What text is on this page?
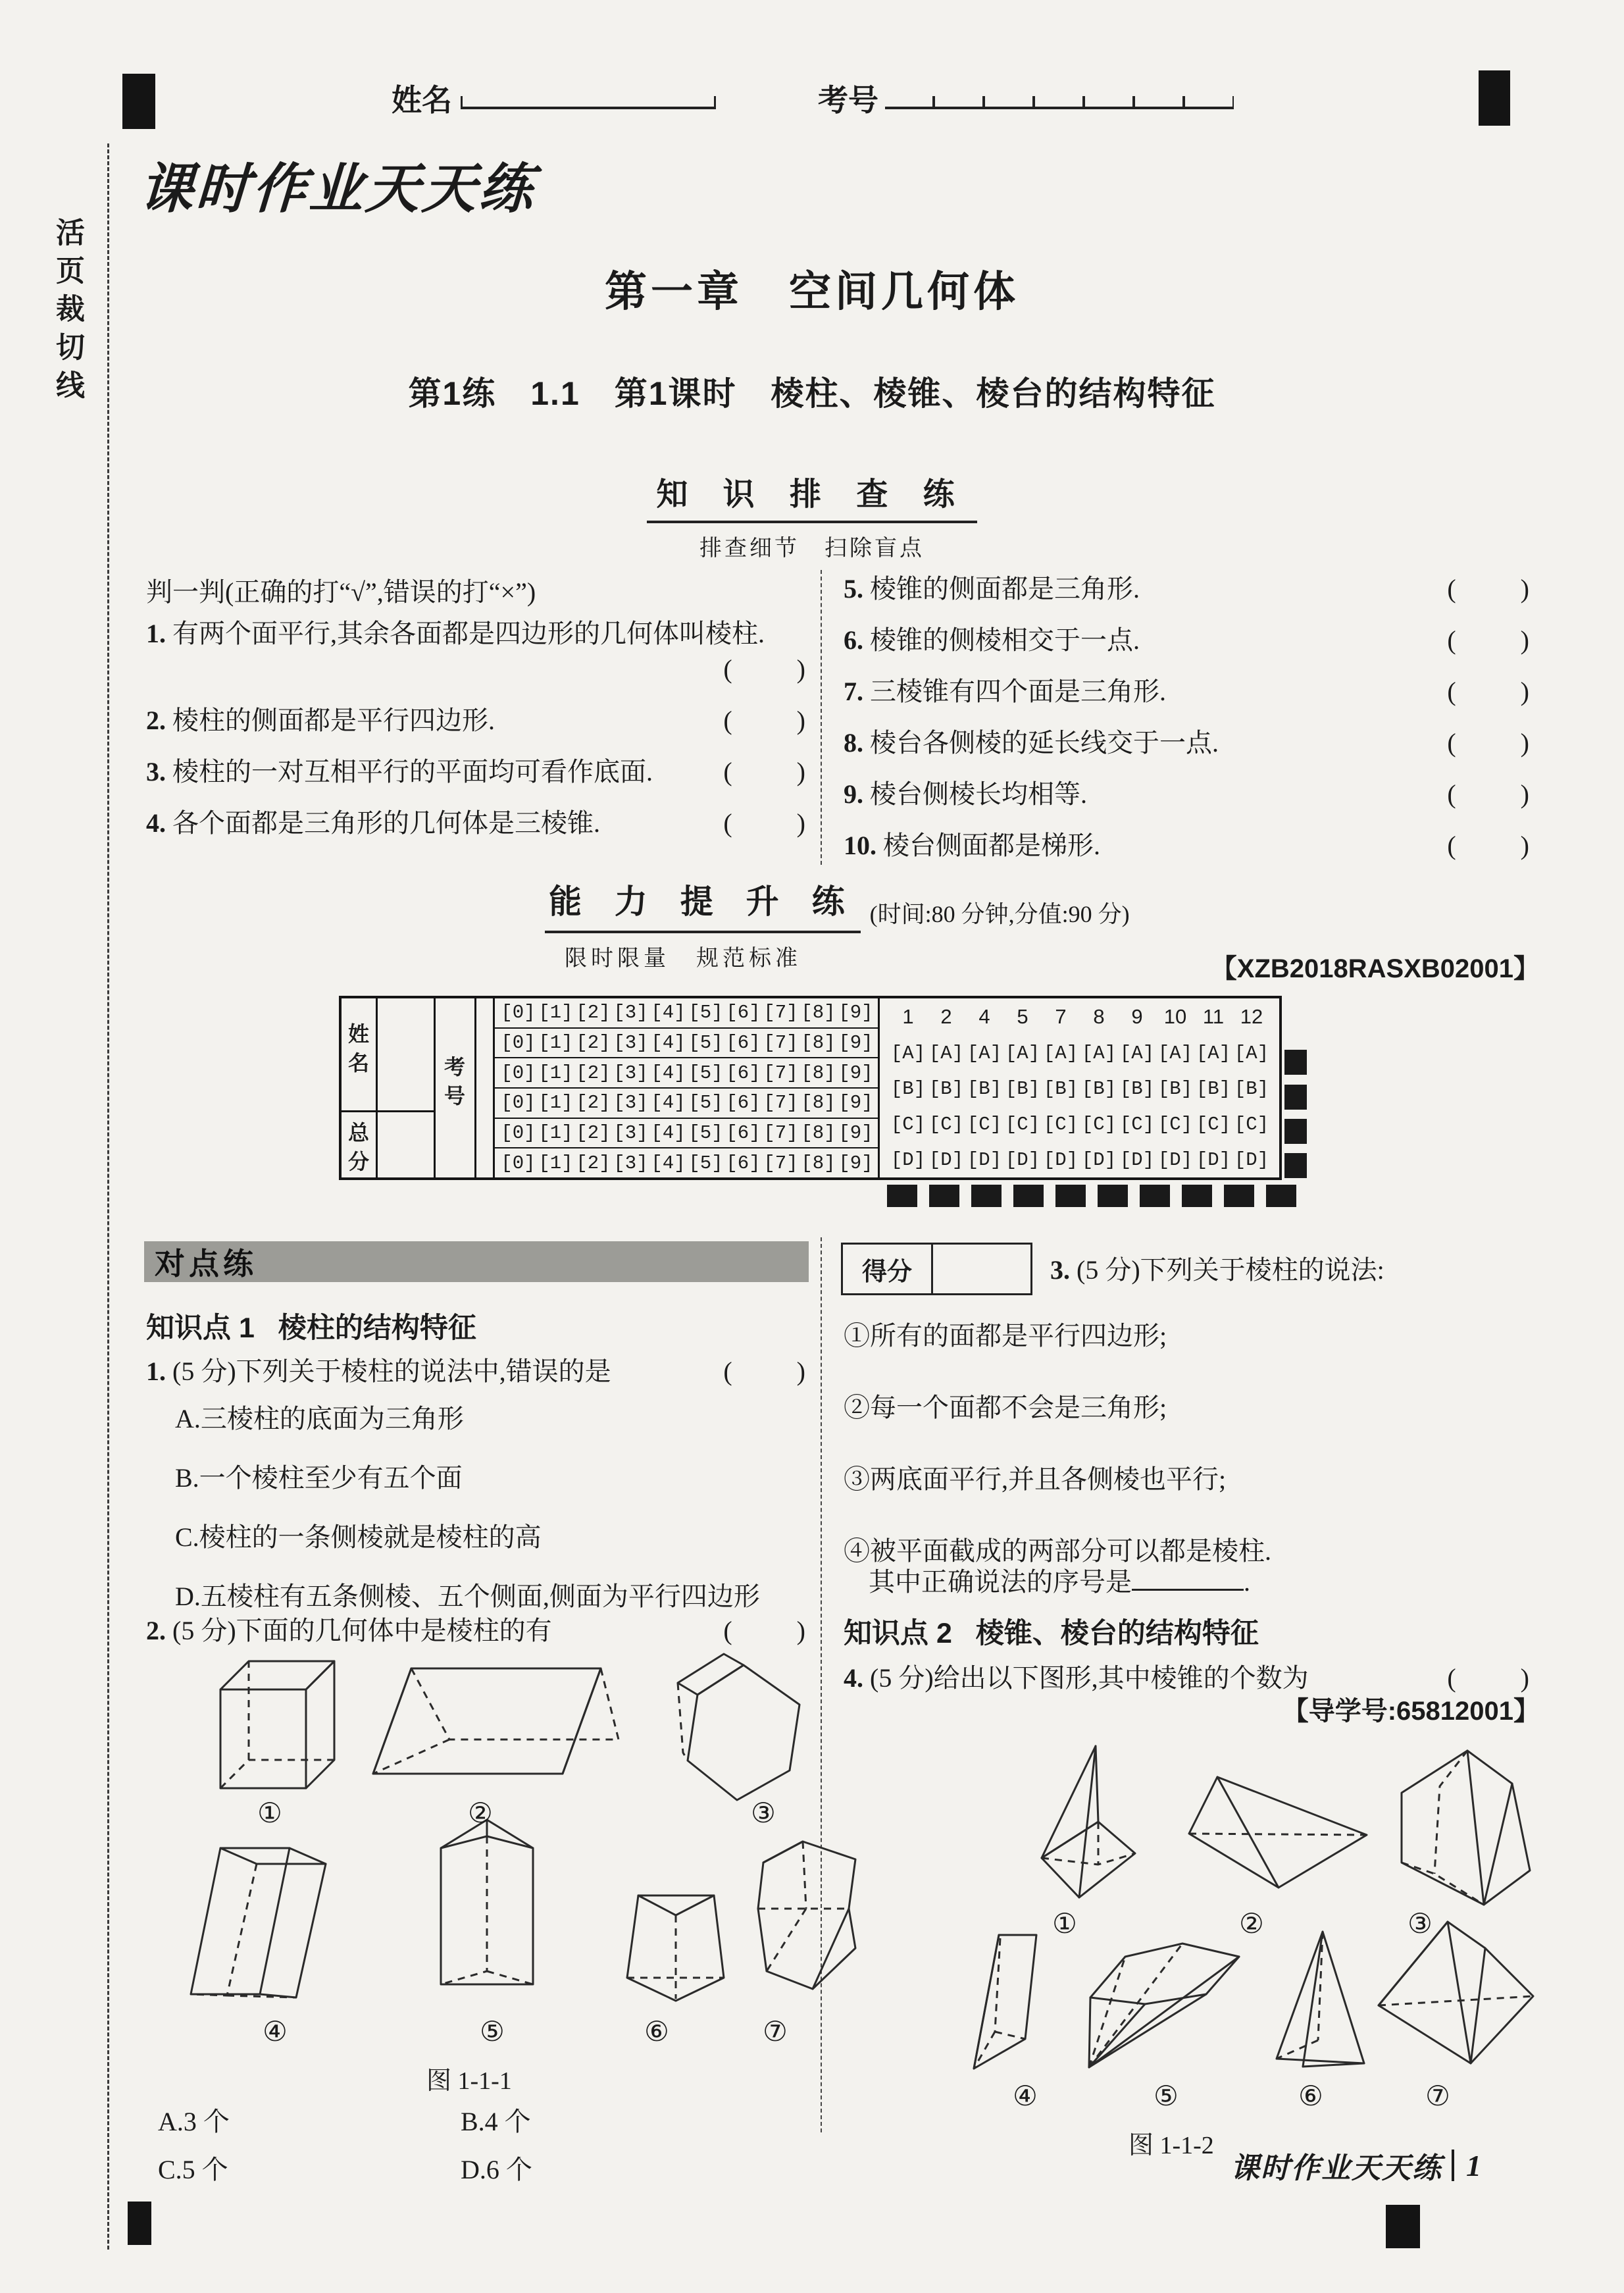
姓名	考号
活页裁切线
课时作业天天练
第一章　空间几何体
第1练　1.1　第1课时　棱柱、棱锥、棱台的结构特征
知 识 排 查 练
排查细节　扫除盲点
判一判(正确的打“√”,错误的打“×”)
1. 有两个面平行,其余各面都是四边形的几何体叫棱柱.
(　　)
2. 棱柱的侧面都是平行四边形.	(　　)
3. 棱柱的一对互相平行的平面均可看作底面.	(　　)
4. 各个面都是三角形的几何体是三棱锥.	(　　)
5. 棱锥的侧面都是三角形.	(　　)
6. 棱锥的侧棱相交于一点.	(　　)
7. 三棱锥有四个面是三角形.	(　　)
8. 棱台各侧棱的延长线交于一点.	(　　)
9. 棱台侧棱长均相等.	(　　)
10. 棱台侧面都是梯形.	(　　)
能 力 提 升 练 (时间:80 分钟,分值:90 分)
限时限量　规范标准	【XZB2018RASXB02001】
姓名
总分
考号
[0] [1] [2] [3] [4] [5] [6] [7] [8] [9]
[0] [1] [2] [3] [4] [5] [6] [7] [8] [9]
[0] [1] [2] [3] [4] [5] [6] [7] [8] [9]
[0] [1] [2] [3] [4] [5] [6] [7] [8] [9]
[0] [1] [2] [3] [4] [5] [6] [7] [8] [9]
[0] [1] [2] [3] [4] [5] [6] [7] [8] [9]
1	2	4	5	7	8	9	10 11 12
[A] [A] [A] [A] [A] [A] [A] [A] [A] [A]
[B] [B] [B] [B] [B] [B] [B] [B] [B] [B]
[C] [C] [C] [C] [C] [C] [C] [C] [C] [C]
[D] [D] [D] [D] [D] [D] [D] [D] [D] [D]
对点练
知识点 1 棱柱的结构特征
1. (5 分)下列关于棱柱的说法中,错误的是	(　　)
A.三棱柱的底面为三角形
B.一个棱柱至少有五个面
C.棱柱的一条侧棱就是棱柱的高
D.五棱柱有五条侧棱、五个侧面,侧面为平行四边形
2. (5 分)下面的几何体中是棱柱的有	(　　)
①	②	③
④	⑤	⑥	⑦
图 1-1-1
A.3 个	B.4 个
C.5 个	D.6 个
得分	3. (5 分)下列关于棱柱的说法:
①所有的面都是平行四边形;
②每一个面都不会是三角形;
③两底面平行,并且各侧棱也平行;
④被平面截成的两部分可以都是棱柱.
其中正确说法的序号是	.
知识点 2 棱锥、棱台的结构特征
4. (5 分)给出以下图形,其中棱锥的个数为	(　　)
【导学号:65812001】
①	②	③
④	⑤	⑥	⑦
图 1-1-2
课时作业天天练 1
